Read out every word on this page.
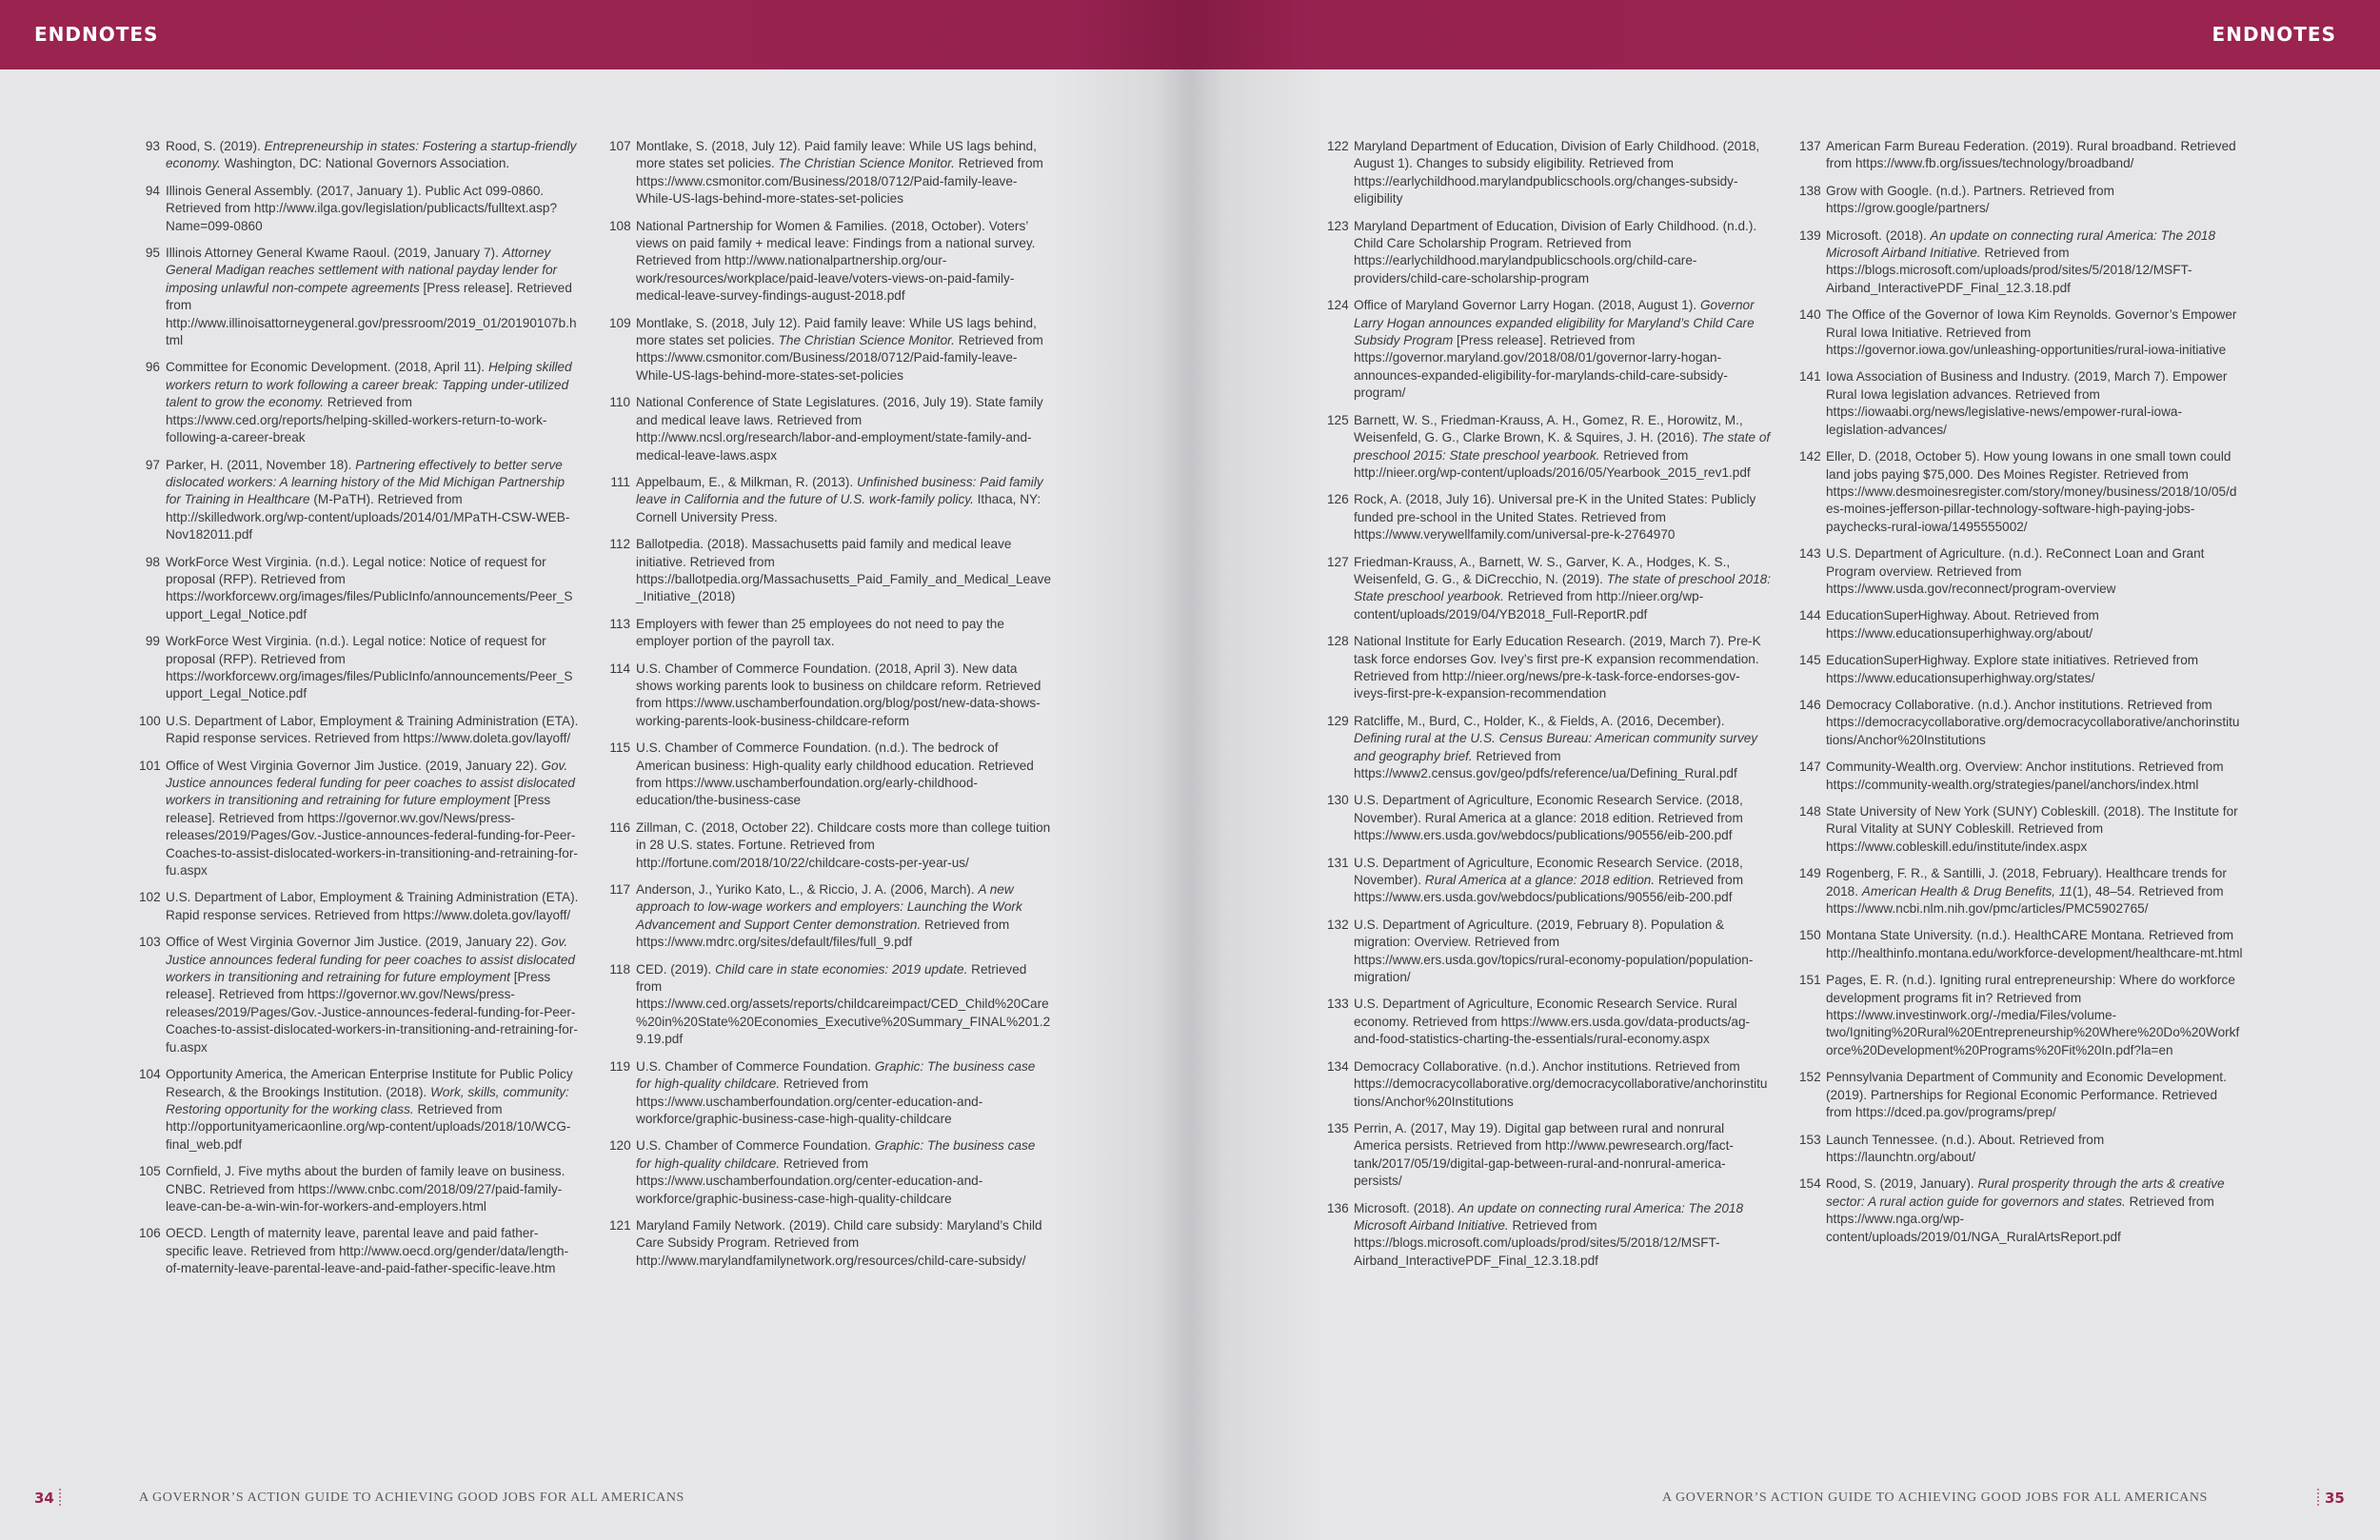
ENDNOTES
93 Rood, S. (2019). Entrepreneurship in states: Fostering a startup-friendly economy. Washington, DC: National Governors Association.
94 Illinois General Assembly. (2017, January 1). Public Act 099-0860. Retrieved from http://www.ilga.gov/legislation/publicacts/fulltext.asp?Name=099-0860
95 Illinois Attorney General Kwame Raoul. (2019, January 7). Attorney General Madigan reaches settlement with national payday lender for imposing unlawful non-compete agreements [Press release]. Retrieved from http://www.illinoisattorneygeneral.gov/pressroom/2019_01/20190107b.html
96 Committee for Economic Development. (2018, April 11). Helping skilled workers return to work following a career break: Tapping under-utilized talent to grow the economy. Retrieved from https://www.ced.org/reports/helping-skilled-workers-return-to-work-following-a-career-break
97 Parker, H. (2011, November 18). Partnering effectively to better serve dislocated workers: A learning history of the Mid Michigan Partnership for Training in Healthcare (M-PaTH). Retrieved from http://skilledwork.org/wp-content/uploads/2014/01/MPaTH-CSW-WEB-Nov182011.pdf
98 WorkForce West Virginia. (n.d.). Legal notice: Notice of request for proposal (RFP). Retrieved from https://workforcewv.org/images/files/PublicInfo/announcements/Peer_Support_Legal_Notice.pdf
99 WorkForce West Virginia. (n.d.). Legal notice: Notice of request for proposal (RFP). Retrieved from https://workforcewv.org/images/files/PublicInfo/announcements/Peer_Support_Legal_Notice.pdf
100 U.S. Department of Labor, Employment & Training Administration (ETA). Rapid response services. Retrieved from https://www.doleta.gov/layoff/
101 Office of West Virginia Governor Jim Justice. (2019, January 22). Gov. Justice announces federal funding for peer coaches to assist dislocated workers in transitioning and retraining for future employment [Press release]. Retrieved from https://governor.wv.gov/News/press-releases/2019/Pages/Gov.-Justice-announces-federal-funding-for-Peer-Coaches-to-assist-dislocated-workers-in-transitioning-and-retraining-for-fu.aspx
102 U.S. Department of Labor, Employment & Training Administration (ETA). Rapid response services. Retrieved from https://www.doleta.gov/layoff/
103 Office of West Virginia Governor Jim Justice. (2019, January 22). Gov. Justice announces federal funding for peer coaches to assist dislocated workers in transitioning and retraining for future employment [Press release]. Retrieved from https://governor.wv.gov/News/press-releases/2019/Pages/Gov.-Justice-announces-federal-funding-for-Peer-Coaches-to-assist-dislocated-workers-in-transitioning-and-retraining-for-fu.aspx
104 Opportunity America, the American Enterprise Institute for Public Policy Research, & the Brookings Institution. (2018). Work, skills, community: Restoring opportunity for the working class. Retrieved from http://opportunityamericaonline.org/wp-content/uploads/2018/10/WCG-final_web.pdf
105 Cornfield, J. Five myths about the burden of family leave on business. CNBC. Retrieved from https://www.cnbc.com/2018/09/27/paid-family-leave-can-be-a-win-win-for-workers-and-employers.html
106 OECD. Length of maternity leave, parental leave and paid father-specific leave. Retrieved from http://www.oecd.org/gender/data/length-of-maternity-leave-parental-leave-and-paid-father-specific-leave.htm
107 Montlake, S. (2018, July 12). Paid family leave: While US lags behind, more states set policies. The Christian Science Monitor. Retrieved from https://www.csmonitor.com/Business/2018/0712/Paid-family-leave-While-US-lags-behind-more-states-set-policies
108 National Partnership for Women & Families. (2018, October). Voters’ views on paid family + medical leave: Findings from a national survey. Retrieved from http://www.nationalpartnership.org/our-work/resources/workplace/paid-leave/voters-views-on-paid-family-medical-leave-survey-findings-august-2018.pdf
109 Montlake, S. (2018, July 12). Paid family leave: While US lags behind, more states set policies. The Christian Science Monitor. Retrieved from https://www.csmonitor.com/Business/2018/0712/Paid-family-leave-While-US-lags-behind-more-states-set-policies
110 National Conference of State Legislatures. (2016, July 19). State family and medical leave laws. Retrieved from http://www.ncsl.org/research/labor-and-employment/state-family-and-medical-leave-laws.aspx
111 Appelbaum, E., & Milkman, R. (2013). Unfinished business: Paid family leave in California and the future of U.S. work-family policy. Ithaca, NY: Cornell University Press.
112 Ballotpedia. (2018). Massachusetts paid family and medical leave initiative. Retrieved from https://ballotpedia.org/Massachusetts_Paid_Family_and_Medical_Leave_Initiative_(2018)
113 Employers with fewer than 25 employees do not need to pay the employer portion of the payroll tax.
114 U.S. Chamber of Commerce Foundation. (2018, April 3). New data shows working parents look to business on childcare reform. Retrieved from https://www.uschamberfoundation.org/blog/post/new-data-shows-working-parents-look-business-childcare-reform
115 U.S. Chamber of Commerce Foundation. (n.d.). The bedrock of American business: High-quality early childhood education. Retrieved from https://www.uschamberfoundation.org/early-childhood-education/the-business-case
116 Zillman, C. (2018, October 22). Childcare costs more than college tuition in 28 U.S. states. Fortune. Retrieved from http://fortune.com/2018/10/22/childcare-costs-per-year-us/
117 Anderson, J., Yuriko Kato, L., & Riccio, J. A. (2006, March). A new approach to low-wage workers and employers: Launching the Work Advancement and Support Center demonstration. Retrieved from https://www.mdrc.org/sites/default/files/full_9.pdf
118 CED. (2019). Child care in state economies: 2019 update. Retrieved from https://www.ced.org/assets/reports/childcareimpact/CED_Child%20Care%20in%20State%20Economies_Executive%20Summary_FINAL%201.29.19.pdf
119 U.S. Chamber of Commerce Foundation. Graphic: The business case for high-quality childcare. Retrieved from https://www.uschamberfoundation.org/center-education-and-workforce/graphic-business-case-high-quality-childcare
120 U.S. Chamber of Commerce Foundation. Graphic: The business case for high-quality childcare. Retrieved from https://www.uschamberfoundation.org/center-education-and-workforce/graphic-business-case-high-quality-childcare
121 Maryland Family Network. (2019). Child care subsidy: Maryland’s Child Care Subsidy Program. Retrieved from http://www.marylandfamilynetwork.org/resources/child-care-subsidy/
34	A GOVERNOR’S ACTION GUIDE TO ACHIEVING GOOD JOBS FOR ALL AMERICANS
ENDNOTES
122 Maryland Department of Education, Division of Early Childhood. (2018, August 1). Changes to subsidy eligibility. Retrieved from https://earlychildhood.marylandpublicschools.org/changes-subsidy-eligibility
123 Maryland Department of Education, Division of Early Childhood. (n.d.). Child Care Scholarship Program. Retrieved from https://earlychildhood.marylandpublicschools.org/child-care-providers/child-care-scholarship-program
124 Office of Maryland Governor Larry Hogan. (2018, August 1). Governor Larry Hogan announces expanded eligibility for Maryland’s Child Care Subsidy Program [Press release]. Retrieved from https://governor.maryland.gov/2018/08/01/governor-larry-hogan-announces-expanded-eligibility-for-marylands-child-care-subsidy-program/
125 Barnett, W. S., Friedman-Krauss, A. H., Gomez, R. E., Horowitz, M., Weisenfeld, G. G., Clarke Brown, K. & Squires, J. H. (2016). The state of preschool 2015: State preschool yearbook. Retrieved from http://nieer.org/wp-content/uploads/2016/05/Yearbook_2015_rev1.pdf
126 Rock, A. (2018, July 16). Universal pre-K in the United States: Publicly funded pre-school in the United States. Retrieved from https://www.verywellfamily.com/universal-pre-k-2764970
127 Friedman-Krauss, A., Barnett, W. S., Garver, K. A., Hodges, K. S., Weisenfeld, G. G., & DiCrecchio, N. (2019). The state of preschool 2018: State preschool yearbook. Retrieved from http://nieer.org/wp-content/uploads/2019/04/YB2018_Full-ReportR.pdf
128 National Institute for Early Education Research. (2019, March 7). Pre-K task force endorses Gov. Ivey’s first pre-K expansion recommendation. Retrieved from http://nieer.org/news/pre-k-task-force-endorses-gov-iveys-first-pre-k-expansion-recommendation
129 Ratcliffe, M., Burd, C., Holder, K., & Fields, A. (2016, December). Defining rural at the U.S. Census Bureau: American community survey and geography brief. Retrieved from https://www2.census.gov/geo/pdfs/reference/ua/Defining_Rural.pdf
130 U.S. Department of Agriculture, Economic Research Service. (2018, November). Rural America at a glance: 2018 edition. Retrieved from https://www.ers.usda.gov/webdocs/publications/90556/eib-200.pdf
131 U.S. Department of Agriculture, Economic Research Service. (2018, November). Rural America at a glance: 2018 edition. Retrieved from https://www.ers.usda.gov/webdocs/publications/90556/eib-200.pdf
132 U.S. Department of Agriculture. (2019, February 8). Population & migration: Overview. Retrieved from https://www.ers.usda.gov/topics/rural-economy-population/population-migration/
133 U.S. Department of Agriculture, Economic Research Service. Rural economy. Retrieved from https://www.ers.usda.gov/data-products/ag-and-food-statistics-charting-the-essentials/rural-economy.aspx
134 Democracy Collaborative. (n.d.). Anchor institutions. Retrieved from https://democracycollaborative.org/democracycollaborative/anchorinstitutions/Anchor%20Institutions
135 Perrin, A. (2017, May 19). Digital gap between rural and nonrural America persists. Retrieved from http://www.pewresearch.org/fact-tank/2017/05/19/digital-gap-between-rural-and-nonrural-america-persists/
136 Microsoft. (2018). An update on connecting rural America: The 2018 Microsoft Airband Initiative. Retrieved from https://blogs.microsoft.com/uploads/prod/sites/5/2018/12/MSFT-Airband_InteractivePDF_Final_12.3.18.pdf
137 American Farm Bureau Federation. (2019). Rural broadband. Retrieved from https://www.fb.org/issues/technology/broadband/
138 Grow with Google. (n.d.). Partners. Retrieved from https://grow.google/partners/
139 Microsoft. (2018). An update on connecting rural America: The 2018 Microsoft Airband Initiative. Retrieved from https://blogs.microsoft.com/uploads/prod/sites/5/2018/12/MSFT-Airband_InteractivePDF_Final_12.3.18.pdf
140 The Office of the Governor of Iowa Kim Reynolds. Governor’s Empower Rural Iowa Initiative. Retrieved from https://governor.iowa.gov/unleashing-opportunities/rural-iowa-initiative
141 Iowa Association of Business and Industry. (2019, March 7). Empower Rural Iowa legislation advances. Retrieved from https://iowaabi.org/news/legislative-news/empower-rural-iowa-legislation-advances/
142 Eller, D. (2018, October 5). How young Iowans in one small town could land jobs paying $75,000. Des Moines Register. Retrieved from https://www.desmoinesregister.com/story/money/business/2018/10/05/des-moines-jefferson-pillar-technology-software-high-paying-jobs-paychecks-rural-iowa/1495555002/
143 U.S. Department of Agriculture. (n.d.). ReConnect Loan and Grant Program overview. Retrieved from https://www.usda.gov/reconnect/program-overview
144 EducationSuperHighway. About. Retrieved from https://www.educationsuperhighway.org/about/
145 EducationSuperHighway. Explore state initiatives. Retrieved from https://www.educationsuperhighway.org/states/
146 Democracy Collaborative. (n.d.). Anchor institutions. Retrieved from https://democracycollaborative.org/democracycollaborative/anchorinstitutions/Anchor%20Institutions
147 Community-Wealth.org. Overview: Anchor institutions. Retrieved from https://community-wealth.org/strategies/panel/anchors/index.html
148 State University of New York (SUNY) Cobleskill. (2018). The Institute for Rural Vitality at SUNY Cobleskill. Retrieved from https://www.cobleskill.edu/institute/index.aspx
149 Rogenberg, F. R., & Santilli, J. (2018, February). Healthcare trends for 2018. American Health & Drug Benefits, 11(1), 48–54. Retrieved from https://www.ncbi.nlm.nih.gov/pmc/articles/PMC5902765/
150 Montana State University. (n.d.). HealthCARE Montana. Retrieved from http://healthinfo.montana.edu/workforce-development/healthcare-mt.html
151 Pages, E. R. (n.d.). Igniting rural entrepreneurship: Where do workforce development programs fit in? Retrieved from https://www.investinwork.org/-/media/Files/volume-two/Igniting%20Rural%20Entrepreneurship%20Where%20Do%20Workforce%20Development%20Programs%20Fit%20In.pdf?la=en
152 Pennsylvania Department of Community and Economic Development. (2019). Partnerships for Regional Economic Performance. Retrieved from https://dced.pa.gov/programs/prep/
153 Launch Tennessee. (n.d.). About. Retrieved from https://launchtn.org/about/
154 Rood, S. (2019, January). Rural prosperity through the arts & creative sector: A rural action guide for governors and states. Retrieved from https://www.nga.org/wp-content/uploads/2019/01/NGA_RuralArtsReport.pdf
A GOVERNOR’S ACTION GUIDE TO ACHIEVING GOOD JOBS FOR ALL AMERICANS	35
